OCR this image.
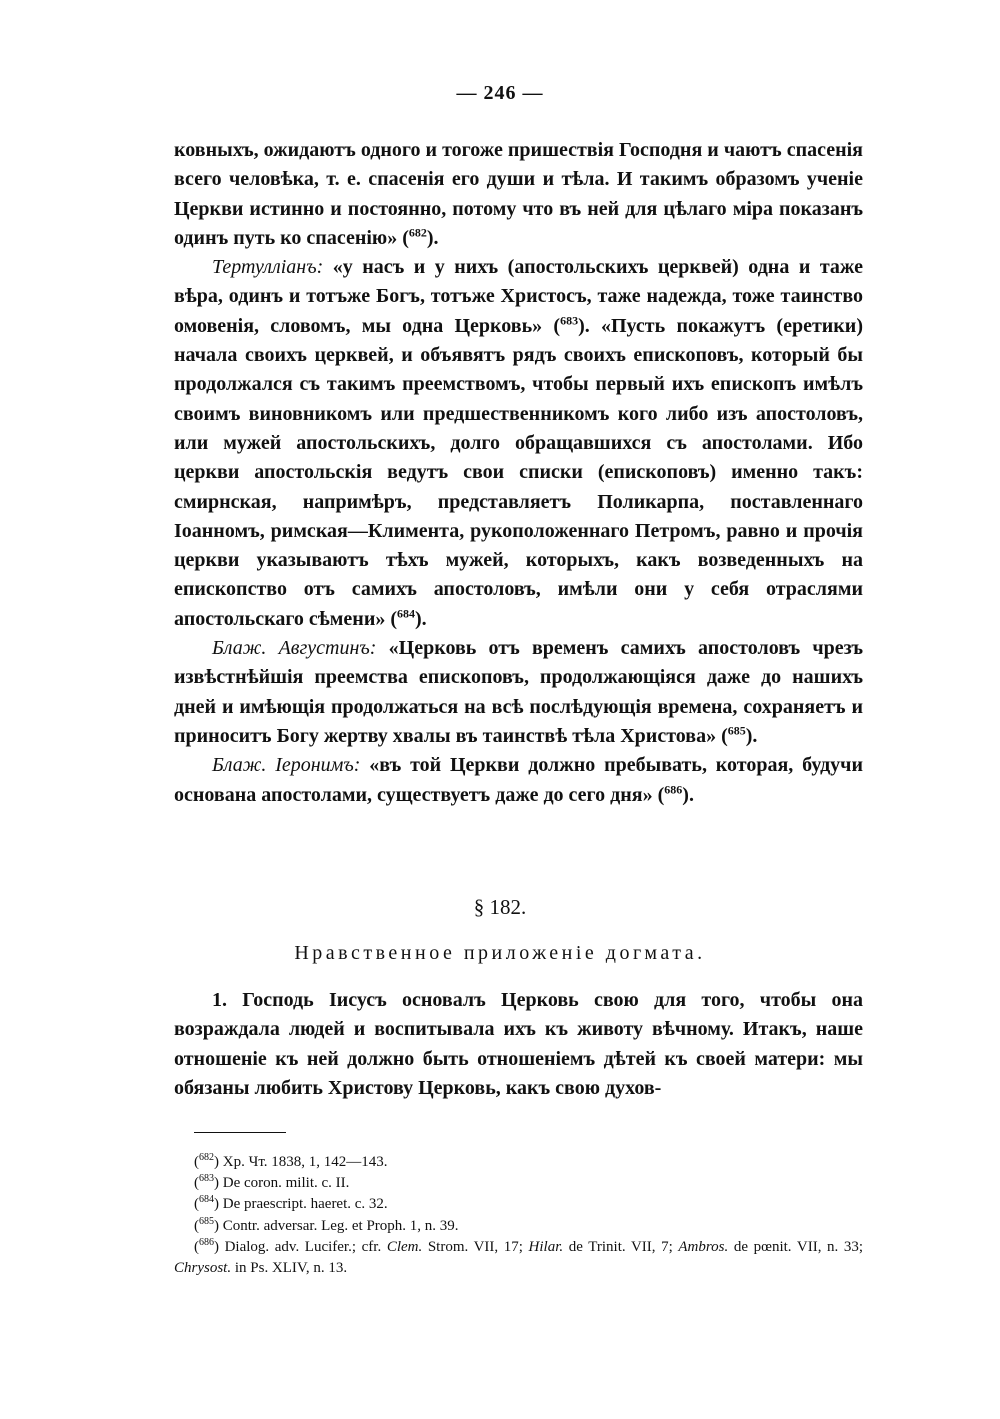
— 246 —

ковныхъ, ожидаютъ одного и тогоже пришествія Господня и чаютъ спасенія всего человѣка, т. е. спасенія его души и тѣла. И такимъ образомъ ученіе Церкви истинно и постоянно, потому что въ ней для цѣлаго міра показанъ одинъ путь ко спасенію» ($^{682}$).

Тертулліанъ: «у насъ и у нихъ (апостольскихъ церквей) одна и таже вѣра, одинъ и тотъже Богъ, тотъже Христосъ, таже надежда, тоже таинство омовенія, словомъ, мы одна Церковь» ($^{683}$). «Пусть покажутъ (еретики) начала своихъ церквей, и объявятъ рядъ своихъ епископовъ, который бы продолжался съ такимъ преемствомъ, чтобы первый ихъ епископъ имѣлъ своимъ виновникомъ или предшественникомъ кого либо изъ апостоловъ, или мужей апостольскихъ, долго обращавшихся съ апостолами. Ибо церкви апостольскія ведутъ свои списки (епископовъ) именно такъ: смирнская, напримѣръ, представляетъ Поликарпа, поставленнаго Іоанномъ, римская—Климента, рукоположеннаго Петромъ, равно и прочія церкви указываютъ тѣхъ мужей, которыхъ, какъ возведенныхъ на епископство отъ самихъ апостоловъ, имѣли они у себя отраслями апостольскаго сѣмени» ($^{684}$).

Блаж. Августинъ: «Церковь отъ временъ самихъ апостоловъ чрезъ извѣстнѣйшія преемства епископовъ, продолжающіяся даже до нашихъ дней и имѣющія продолжаться на всѣ послѣдующія времена, сохраняетъ и приноситъ Богу жертву хвалы въ таинствѣ тѣла Христова» ($^{685}$).

Блаж. Іеронимъ: «въ той Церкви должно пребывать, которая, будучи основана апостолами, существуетъ даже до сего дня» ($^{686}$).

§ 182.
Нравственное приложеніе догмата.

1. Господь Іисусъ основалъ Церковь свою для того, чтобы она возраждала людей и воспитывала ихъ къ животу вѣчному. Итакъ, наше отношеніе къ ней должно быть отношеніемъ дѣтей къ своей матери: мы обязаны любить Христову Церковь, какъ свою духов-

($^{682}$) Хр. Чт. 1838, 1, 142—143.

($^{683}$) De coron. milit. c. II.

($^{684}$) De praescript. haeret. c. 32.

($^{685}$) Contr. adversar. Leg. et Proph. 1, n. 39.

($^{686}$) Dialog. adv. Lucifer.; cfr. Clem. Strom. VII, 17; Hilar. de Trinit. VII, 7; Ambros. de pœnit. VII, n. 33; Chrysost. in Ps. XLIV, n. 13.
